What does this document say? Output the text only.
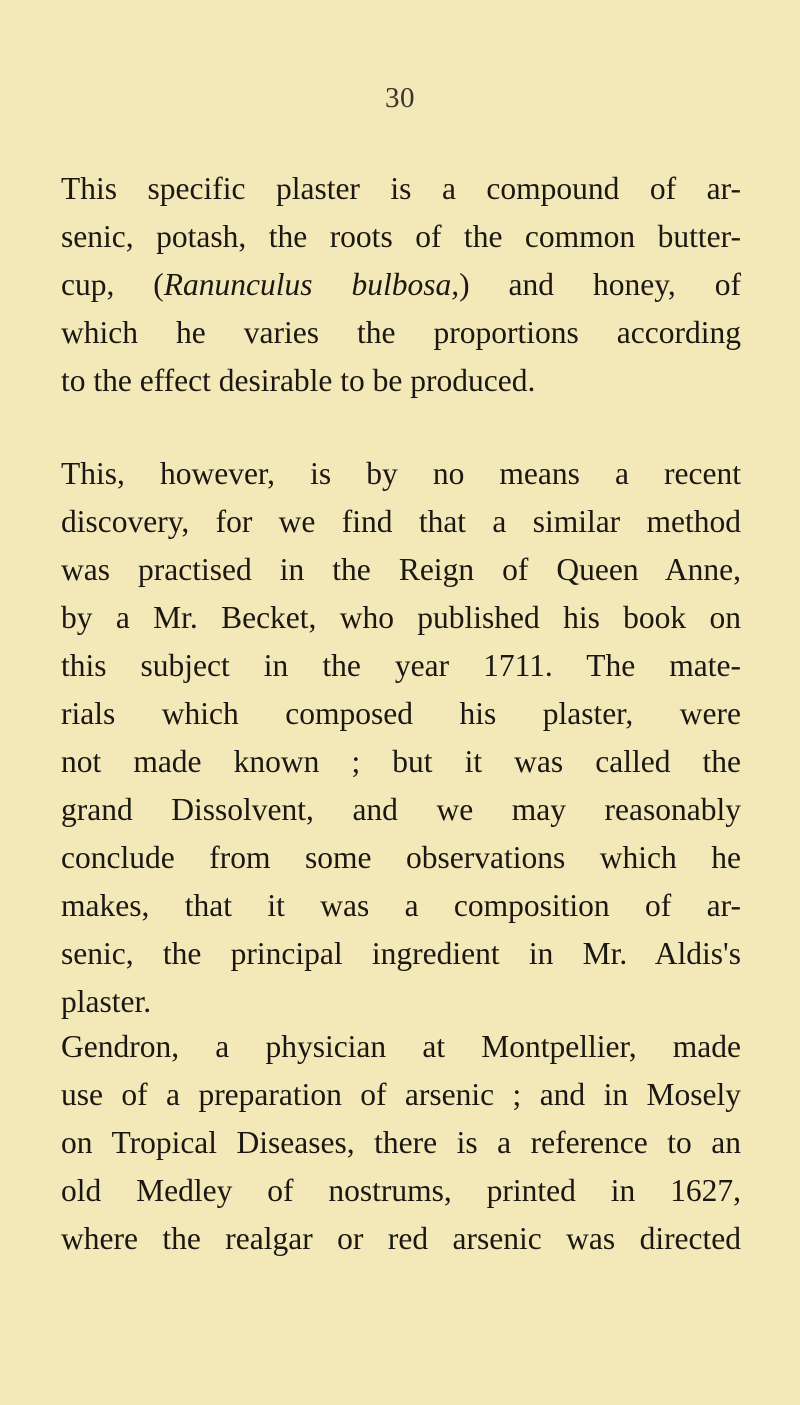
30

This specific plaster is a compound of ar-
senic, potash, the roots of the common butter-
cup, (Ranunculus bulbosa,) and honey, of
which he varies the proportions according
to the effect desirable to be produced.

This, however, is by no means a recent
discovery, for we find that a similar method
was practised in the Reign of Queen Anne,
by a Mr. Becket, who published his book on
this subject in the year 1711. The mate-
rials which composed his plaster, were
not made known ; but it was called the
grand Dissolvent, and we may reasonably
conclude from some observations which he
makes, that it was a composition of ar-
senic, the principal ingredient in Mr. Aldis's
plaster.

Gendron, a physician at Montpellier, made
use of a preparation of arsenic ; and in Mosely
on Tropical Diseases, there is a reference to an
old Medley of nostrums, printed in 1627,
where the realgar or red arsenic was directed
